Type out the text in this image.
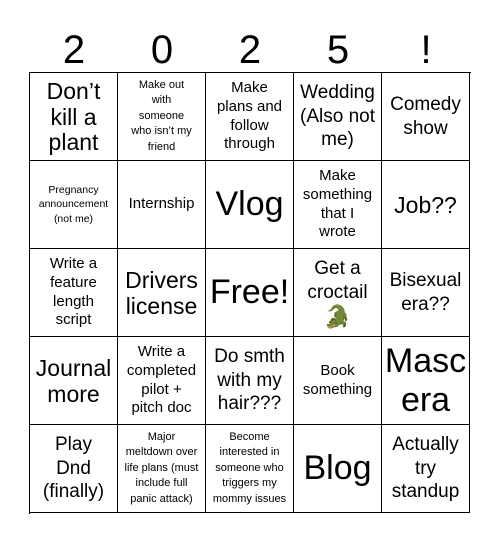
2	0	2	5	!
Don’t
kill a
plant
Make out
with
someone
who isn’t my
friend
Make
plans and
follow
through
Wedding
(Also not
me)
Comedy
show
Pregnancy
announcement
(not me)
Internship Vlog
Make
something
that I
wrote
Job??
Write a
feature
length
script
Drivers
license Free!
Get a
croctail
🐊
Bisexual
era??
Journal
more
Write a
completed
pilot +
pitch doc
Do smth
with my
hair???
Book
something
Masc
era
Play
Dnd
(finally)
Major
meltdown over
life plans (must
include full
panic attack)
Become
interested in
someone who
triggers my
mommy issues
Blog
Actually
try
standup
